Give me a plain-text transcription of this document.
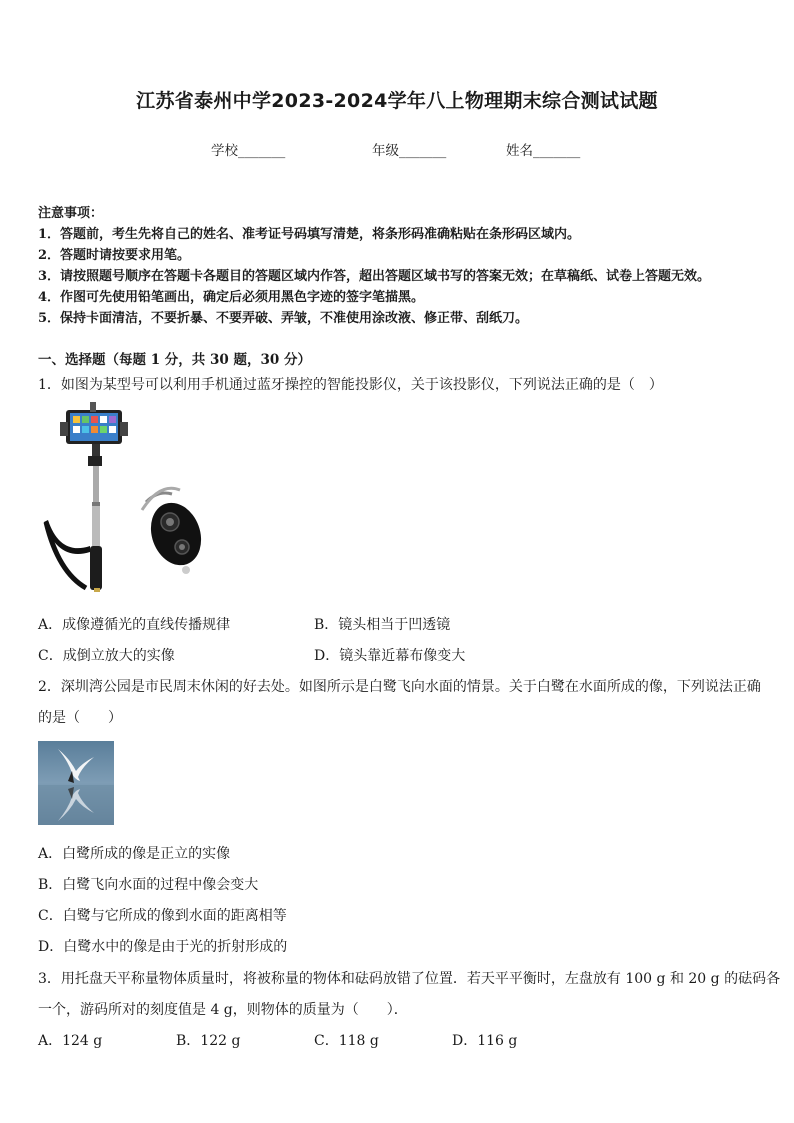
江苏省泰州中学2023-2024学年八上物理期末综合测试试题
学校_______	年级_______	姓名_______
注意事项：
1．答题前，考生先将自己的姓名、准考证号码填写清楚，将条形码准确粘贴在条形码区域内。
2．答题时请按要求用笔。
3．请按照题号顺序在答题卡各题目的答题区域内作答，超出答题区域书写的答案无效；在草稿纸、试卷上答题无效。
4．作图可先使用铅笔画出，确定后必须用黑色字迹的签字笔描黑。
5．保持卡面清洁，不要折暴、不要弄破、弄皱，不准使用涂改液、修正带、刮纸刀。
一、选择题（每题 1 分，共 30 题，30 分）
1．如图为某型号可以利用手机通过蓝牙操控的智能投影仪，关于该投影仪，下列说法正确的是（　）
A．成像遵循光的直线传播规律	B．镜头相当于凹透镜
C．成倒立放大的实像	D．镜头靠近幕布像变大
2．深圳湾公园是市民周末休闲的好去处。如图所示是白鹭飞向水面的情景。关于白鹭在水面所成的像，下列说法正确
的是（　　）
A．白鹭所成的像是正立的实像
B．白鹭飞向水面的过程中像会变大
C．白鹭与它所成的像到水面的距离相等
D．白鹭水中的像是由于光的折射形成的
3．用托盘天平称量物体质量时，将被称量的物体和砝码放错了位置．若天平平衡时，左盘放有 100 g 和 20 g 的砝码各
一个，游码所对的刻度值是 4 g，则物体的质量为（　　）．
A．124 g	B．122 g	C．118 g	D．116 g
